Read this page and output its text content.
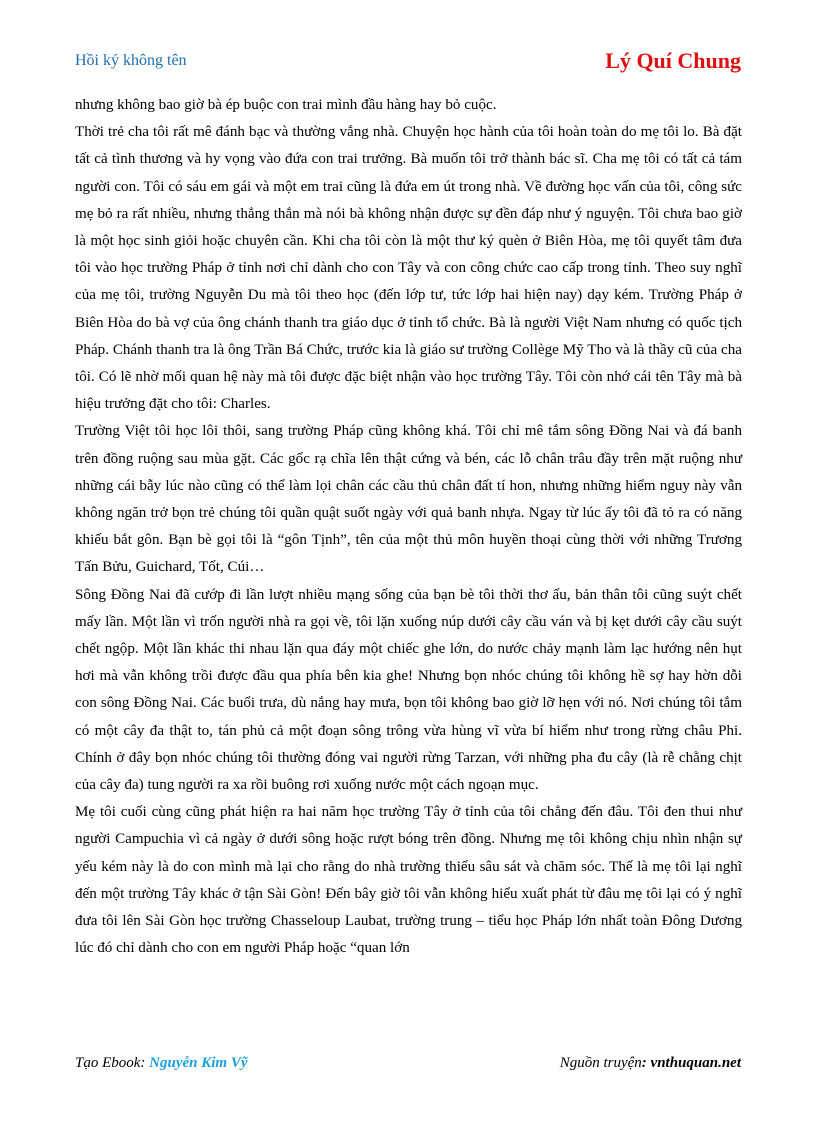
Hồi ký không tên	Lý Quí Chung

nhưng không bao giờ bà ép buộc con trai mình đầu hàng hay bỏ cuộc.

Thời trẻ cha tôi rất mê đánh bạc và thường vắng nhà. Chuyện học hành của tôi hoàn toàn do mẹ tôi lo. Bà đặt tất cả tình thương và hy vọng vào đứa con trai trưởng. Bà muốn tôi trở thành bác sĩ. Cha mẹ tôi có tất cả tám người con. Tôi có sáu em gái và một em trai cũng là đứa em út trong nhà. Về đường học vấn của tôi, công sức mẹ bỏ ra rất nhiều, nhưng thẳng thắn mà nói bà không nhận được sự đền đáp như ý nguyện. Tôi chưa bao giờ là một học sinh giỏi hoặc chuyên cần. Khi cha tôi còn là một thư ký quèn ở Biên Hòa, mẹ tôi quyết tâm đưa tôi vào học trường Pháp ở tỉnh nơi chỉ dành cho con Tây và con công chức cao cấp trong tỉnh. Theo suy nghĩ của mẹ tôi, trường Nguyễn Du mà tôi theo học (đến lớp tư, tức lớp hai hiện nay) dạy kém. Trường Pháp ở Biên Hòa do bà vợ của ông chánh thanh tra giáo dục ở tỉnh tổ chức. Bà là người Việt Nam nhưng có quốc tịch Pháp. Chánh thanh tra là ông Trần Bá Chức, trước kia là giáo sư trường Collège Mỹ Tho và là thầy cũ của cha tôi. Có lẽ nhờ mối quan hệ này mà tôi được đặc biệt nhận vào học trường Tây. Tôi còn nhớ cái tên Tây mà bà hiệu trưởng đặt cho tôi: Charles.

Trường Việt tôi học lôi thôi, sang trường Pháp cũng không khá. Tôi chỉ mê tắm sông Đồng Nai và đá banh trên đồng ruộng sau mùa gặt. Các gốc rạ chĩa lên thật cứng và bén, các lỗ chân trâu đầy trên mặt ruộng như những cái bẫy lúc nào cũng có thể làm lọi chân các cầu thủ chân đất tí hon, nhưng những hiểm nguy này vẫn không ngăn trở bọn trẻ chúng tôi quần quật suốt ngày với quả banh nhựa. Ngay từ lúc ấy tôi đã tỏ ra có năng khiếu bắt gôn. Bạn bè gọi tôi là “gôn Tịnh”, tên của một thủ môn huyền thoại cùng thời với những Trương Tấn Bửu, Guichard, Tốt, Cúi…

Sông Đồng Nai đã cướp đi lần lượt nhiều mạng sống của bạn bè tôi thời thơ ấu, bản thân tôi cũng suýt chết mấy lần. Một lần vì trốn người nhà ra gọi về, tôi lặn xuống núp dưới cây cầu ván và bị kẹt dưới cây cầu suýt chết ngộp. Một lần khác thi nhau lặn qua đáy một chiếc ghe lớn, do nước chảy mạnh làm lạc hướng nên hụt hơi mà vẫn không trồi được đầu qua phía bên kia ghe! Nhưng bọn nhóc chúng tôi không hề sợ hay hờn dỗi con sông Đồng Nai. Các buổi trưa, dù nắng hay mưa, bọn tôi không bao giờ lỡ hẹn với nó. Nơi chúng tôi tắm có một cây đa thật to, tán phủ cả một đoạn sông trông vừa hùng vĩ vừa bí hiểm như trong rừng châu Phi. Chính ở đây bọn nhóc chúng tôi thường đóng vai người rừng Tarzan, với những pha đu cây (là rễ chằng chịt của cây đa) tung người ra xa rồi buông rơi xuống nước một cách ngoạn mục.

Mẹ tôi cuối cùng cũng phát hiện ra hai năm học trường Tây ở tỉnh của tôi chẳng đến đâu. Tôi đen thui như người Campuchia vì cả ngày ở dưới sông hoặc rượt bóng trên đồng. Nhưng mẹ tôi không chịu nhìn nhận sự yếu kém này là do con mình mà lại cho rằng do nhà trường thiếu sâu sát và chăm sóc. Thế là mẹ tôi lại nghĩ đến một trường Tây khác ở tận Sài Gòn! Đến bây giờ tôi vẫn không hiểu xuất phát từ đâu mẹ tôi lại có ý nghĩ đưa tôi lên Sài Gòn học trường Chasseloup Laubat, trường trung – tiểu học Pháp lớn nhất toàn Đông Dương lúc đó chỉ dành cho con em người Pháp hoặc “quan lớn

Tạo Ebook: Nguyễn Kim Vỹ	Nguồn truyện: vnthuquan.net
